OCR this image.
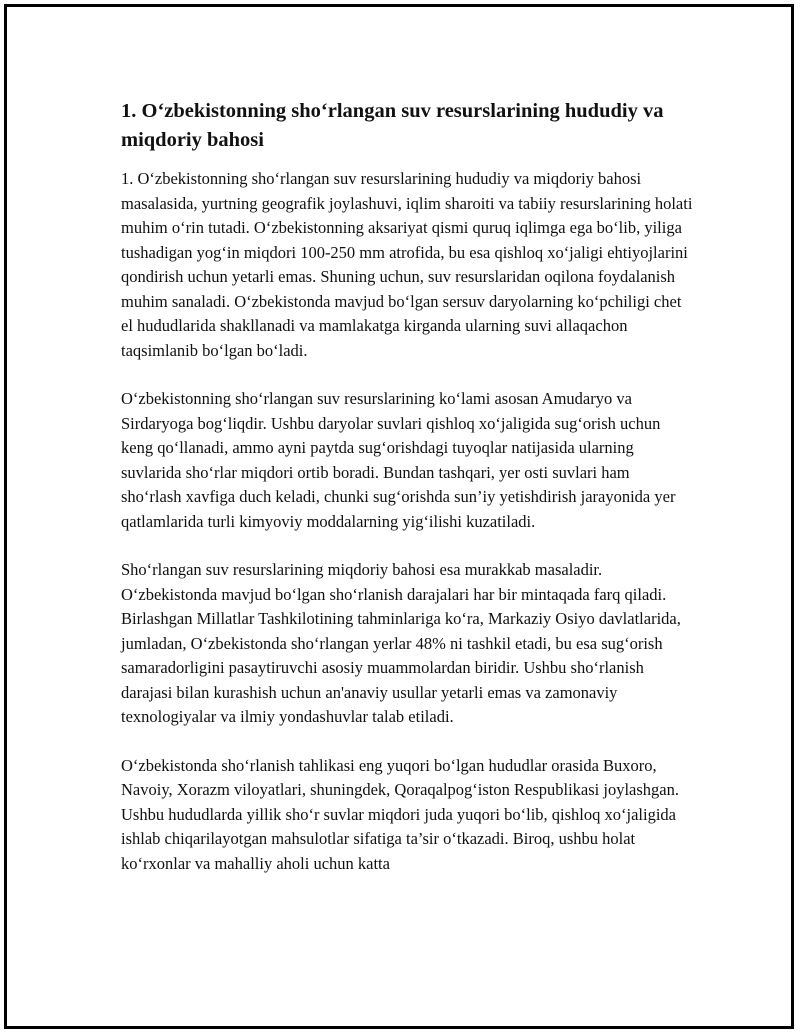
1. O‘zbekistonning sho‘rlangan suv resurslarining hududiy va miqdoriy bahosi

1. O‘zbekistonning sho‘rlangan suv resurslarining hududiy va miqdoriy bahosi masalasida, yurtning geografik joylashuvi, iqlim sharoiti va tabiiy resurslarining holati muhim o‘rin tutadi. O‘zbekistonning aksariyat qismi quruq iqlimga ega bo‘lib, yiliga tushadigan yog‘in miqdori 100-250 mm atrofida, bu esa qishloq xo‘jaligi ehtiyojlarini qondirish uchun yetarli emas. Shuning uchun, suv resurslaridan oqilona foydalanish muhim sanaladi. O‘zbekistonda mavjud bo‘lgan sersuv daryolarning ko‘pchiligi chet el hududlarida shakllanadi va mamlakatga kirganda ularning suvi allaqachon taqsimlanib bo‘lgan bo‘ladi.

O‘zbekistonning sho‘rlangan suv resurslarining ko‘lami asosan Amudaryo va Sirdaryoga bog‘liqdir. Ushbu daryolar suvlari qishloq xo‘jaligida sug‘orish uchun keng qo‘llanadi, ammo ayni paytda sug‘orishdagi tuyoqlar natijasida ularning suvlarida sho‘rlar miqdori ortib boradi. Bundan tashqari, yer osti suvlari ham sho‘rlash xavfiga duch keladi, chunki sug‘orishda sun’iy yetishdirish jarayonida yer qatlamlarida turli kimyoviy moddalarning yig‘ilishi kuzatiladi.

Sho‘rlangan suv resurslarining miqdoriy bahosi esa murakkab masaladir. O‘zbekistonda mavjud bo‘lgan sho‘rlanish darajalari har bir mintaqada farq qiladi. Birlashgan Millatlar Tashkilotining tahminlariga ko‘ra, Markaziy Osiyo davlatlarida, jumladan, O‘zbekistonda sho‘rlangan yerlar 48% ni tashkil etadi, bu esa sug‘orish samaradorligini pasaytiruvchi asosiy muammolardan biridir. Ushbu sho‘rlanish darajasi bilan kurashish uchun an'anaviy usullar yetarli emas va zamonaviy texnologiyalar va ilmiy yondashuvlar talab etiladi.

O‘zbekistonda sho‘rlanish tahlikasi eng yuqori bo‘lgan hududlar orasida Buxoro, Navoiy, Xorazm viloyatlari, shuningdek, Qoraqalpog‘iston Respublikasi joylashgan. Ushbu hududlarda yillik sho‘r suvlar miqdori juda yuqori bo‘lib, qishloq xo‘jaligida ishlab chiqarilayotgan mahsulotlar sifatiga ta’sir o‘tkazadi. Biroq, ushbu holat ko‘rxonlar va mahalliy aholi uchun katta
